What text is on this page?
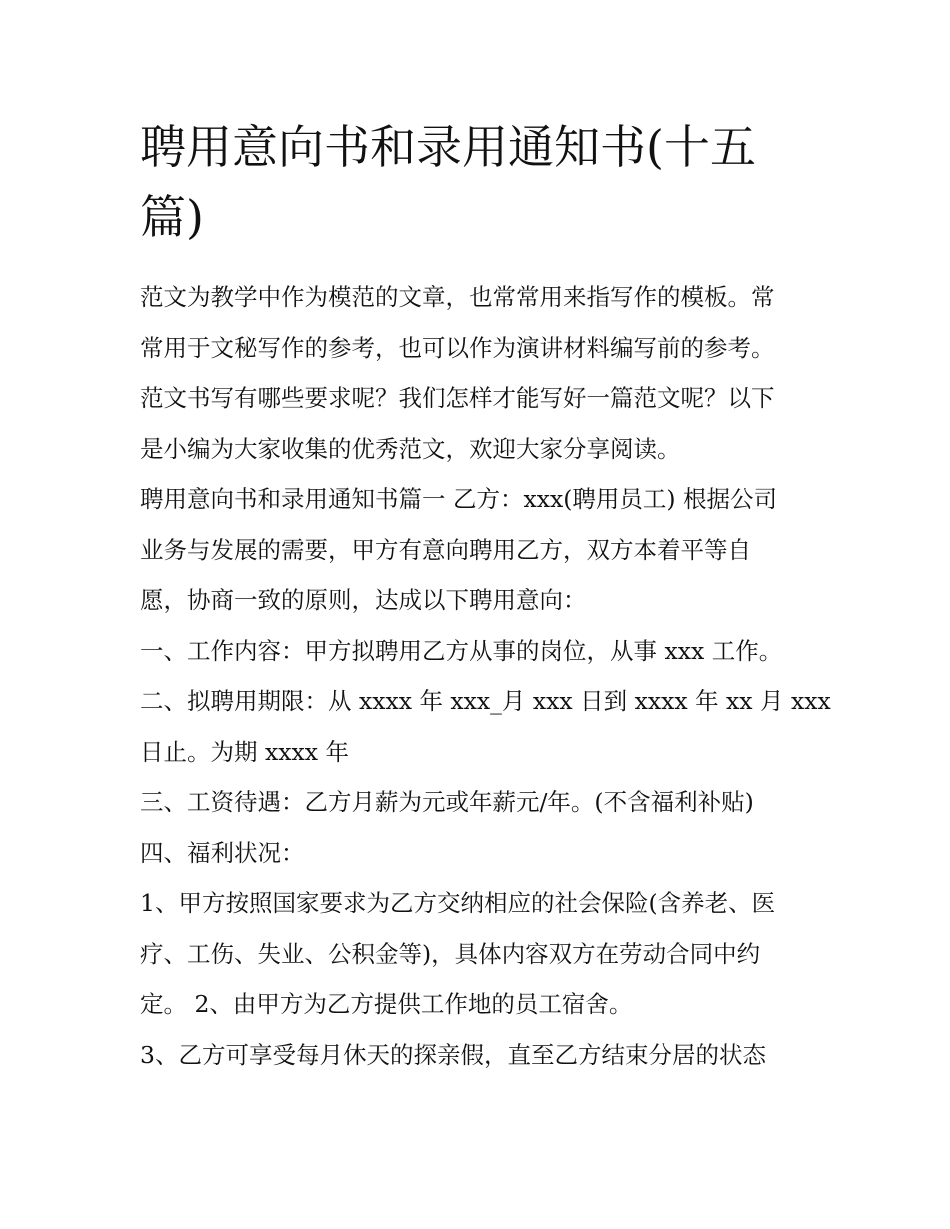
聘用意向书和录用通知书(十五
篇)

范文为教学中作为模范的文章，也常常用来指写作的模板。常

常用于文秘写作的参考，也可以作为演讲材料编写前的参考。

范文书写有哪些要求呢？我们怎样才能写好一篇范文呢？以下

是小编为大家收集的优秀范文，欢迎大家分享阅读。

聘用意向书和录用通知书篇一 乙方：xxx(聘用员工) 根据公司

业务与发展的需要，甲方有意向聘用乙方，双方本着平等自

愿，协商一致的原则，达成以下聘用意向：

一、工作内容：甲方拟聘用乙方从事的岗位，从事 xxx 工作。

二、拟聘用期限：从 xxxx 年 xxx_月 xxx 日到 xxxx 年 xx 月 xxx

日止。为期 xxxx 年

三、工资待遇：乙方月薪为元或年薪元/年。(不含福利补贴)

四、福利状况：

1、甲方按照国家要求为乙方交纳相应的社会保险(含养老、医

疗、工伤、失业、公积金等)，具体内容双方在劳动合同中约

定。 2、由甲方为乙方提供工作地的员工宿舍。

3、乙方可享受每月休天的探亲假，直至乙方结束分居的状态
